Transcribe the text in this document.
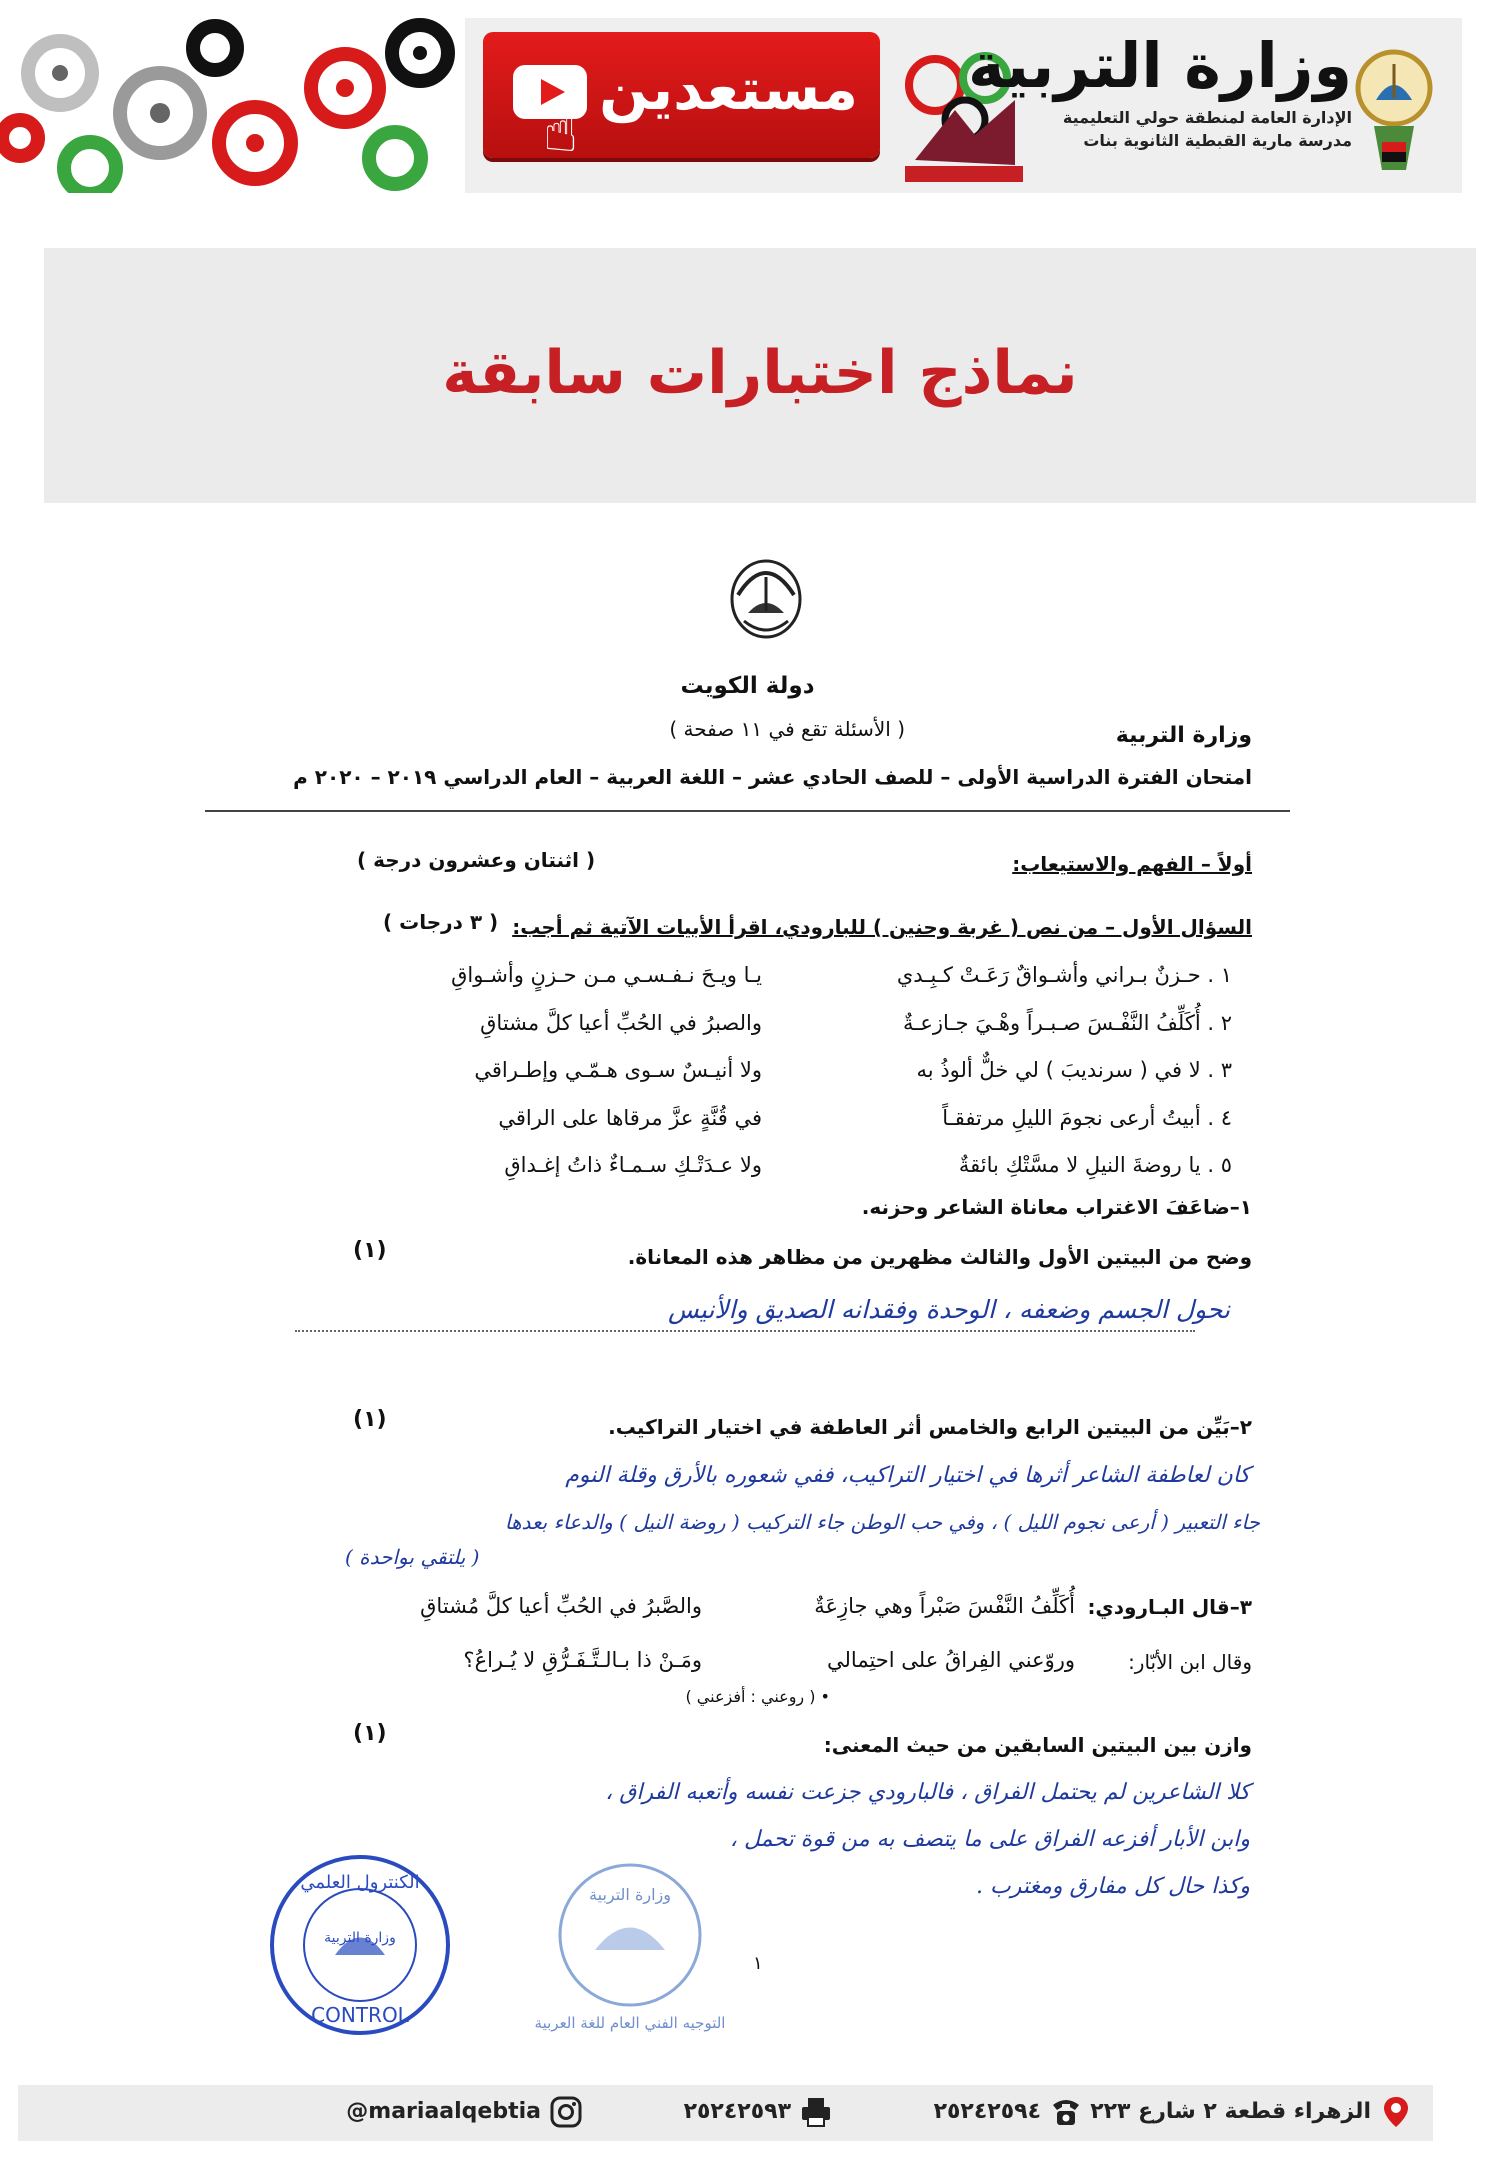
مستعدين
☝
وزارة التربية
الإدارة العامة لمنطقة حولي التعليمية
مدرسة مارية القبطية الثانوية بنات
نماذج اختبارات سابقة
دولة الكويت
وزارة التربية
( الأسئلة تقع في ١١ صفحة )
امتحان الفترة الدراسية الأولى – للصف الحادي عشر – اللغة العربية – العام الدراسي ٢٠١٩ – ٢٠٢٠ م
أولاً – الفهم والاستيعاب:
( اثنتان وعشرون درجة )
السؤال الأول – من نص ( غربة وحنين ) للبارودي، اقرأ الأبيات الآتية ثم أجب:
( ٣ درجات )
١ . حـزنٌ بـراني وأشـواقٌ رَعَـتْ كـبِـدي
يـا ويـحَ نـفـسـي مـن حـزنٍ وأشـواقِ
٢ . أُكَلِّفُ النَّفْـسَ صـبـراً وهْـيَ جـازعـةٌ
والصبرُ في الحُبِّ أعيا كلَّ مشتاقِ
٣ . لا في ( سرنديبَ ) لي خلٌّ ألوذُ به
ولا أنيـسٌ سـوى هـمّـي وإطـراقي
٤ . أبيتُ أرعى نجومَ الليلِ مرتفقـاً
في قُنَّةٍ عزَّ مرقاها على الراقي
٥ . يا روضةَ النيلِ لا مسَّتْكِ بائقةٌ
ولا عـدَتْـكِ سـمـاءٌ ذاتُ إغـداقِ
١–ضاعَفَ الاغتراب معاناة الشاعر وحزنه.
وضح من البيتين الأول والثالث مظهرين من مظاهر هذه المعاناة.
(١)
نحول الجسم وضعفه ، الوحدة وفقدانه الصديق والأنيس
٢–بَيِّن من البيتين الرابع والخامس أثر العاطفة في اختيار التراكيب.
(١)
كان لعاطفة الشاعر أثرها في اختيار التراكيب، ففي شعوره بالأرق وقلة النوم
جاء التعبير ( أرعى نجوم الليل ) ، وفي حب الوطن جاء التركيب ( روضة النيل ) والدعاء بعدها
( يلتقي بواحدة )
٣–قال البـارودي:
أُكَلِّفُ النَّفْسَ صَبْراً وهي جازِعَةٌ
والصَّبرُ في الحُبِّ أعيا كلَّ مُشتاقِ
وقال ابن الأبّار:
وروّعني الفِراقُ على احتِمالي
ومَـنْ ذا بـالـتَّـفَـرُّقِ لا يُـراعُ؟
• ( روعني : أفزعني )
وازن بين البيتين السابقين من حيث المعنى:
(١)
كلا الشاعرين لم يحتمل الفراق ، فالبارودي جزعت نفسه وأتعبه الفراق ،
وابن الأبار أفزعه الفراق على ما يتصف به من قوة تحمل ،
وكذا حال كل مفارق ومغترب .
١
الكنترول العلمي
وزارة التربية
CONTROL
وزارة التربية
التوجيه الفني العام للغة العربية
الزهراء قطعة ٢ شارع ٢٢٣
٢٥٢٤٢٥٩٤
٢٥٢٤٢٥٩٣
@mariaalqebtia
